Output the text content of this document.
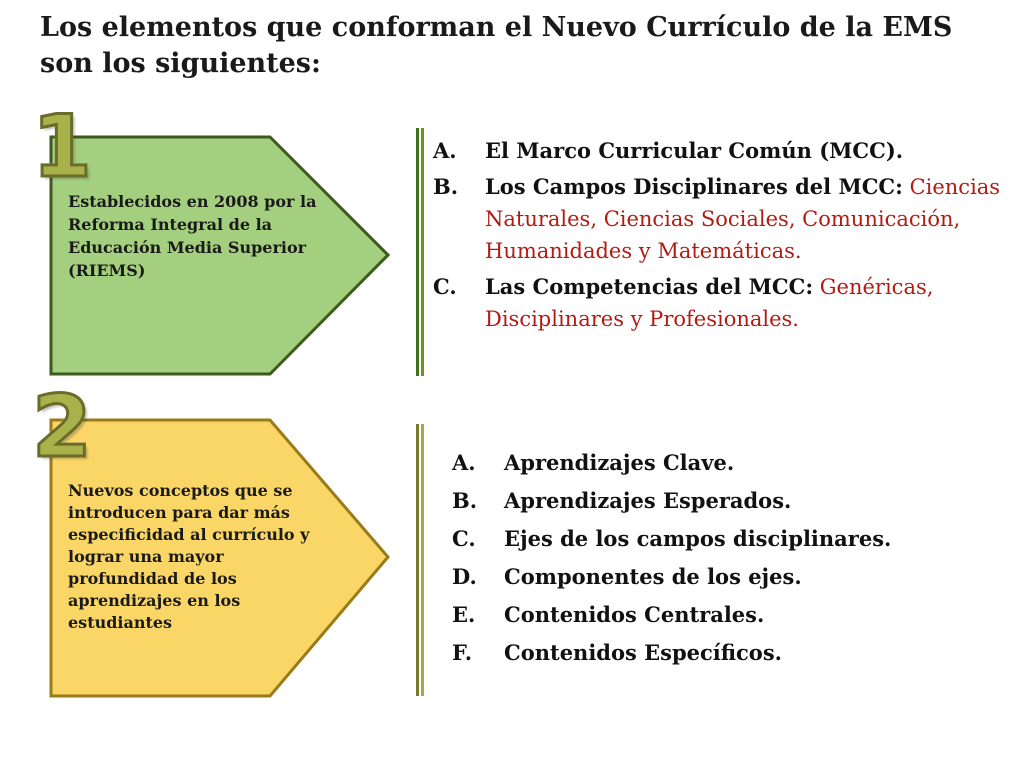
Los elementos que conforman el Nuevo Currículo de la EMS son los siguientes:
1
Establecidos en 2008 por la Reforma Integral de la Educación Media Superior (RIEMS)
A.	El Marco Curricular Común (MCC).
B.	Los Campos Disciplinares del MCC: Ciencias Naturales, Ciencias Sociales, Comunicación, Humanidades y Matemáticas.
C.	Las Competencias del MCC: Genéricas, Disciplinares y Profesionales.
2
Nuevos conceptos que se introducen para dar más especificidad al currículo y lograr una mayor profundidad de los aprendizajes en los estudiantes
A.	Aprendizajes Clave.
B.	Aprendizajes Esperados.
C.	Ejes de los campos disciplinares.
D.	Componentes de los ejes.
E.	Contenidos Centrales.
F.	Contenidos Específicos.
